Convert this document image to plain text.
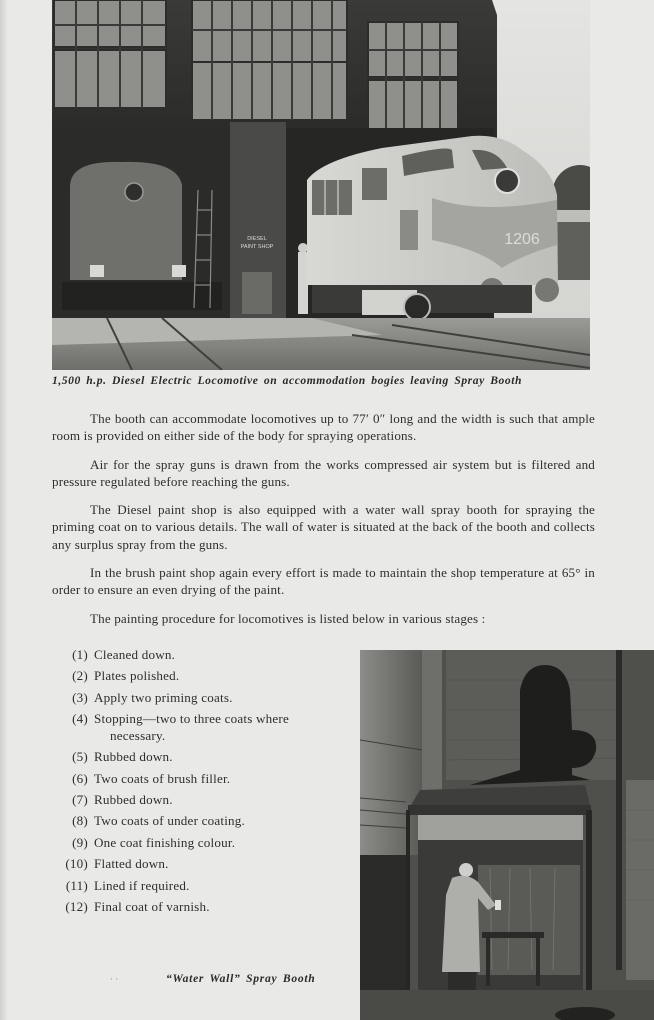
DIESEL
PAINT SHOP	1206
1,500 h.p. Diesel Electric Locomotive on accommodation bogies leaving Spray Booth

The booth can accommodate locomotives up to 77′ 0″ long and the width is such that ample room is provided on either side of the body for spraying operations.

Air for the spray guns is drawn from the works compressed air system but is filtered and pressure regulated before reaching the guns.

The Diesel paint shop is also equipped with a water wall spray booth for spraying the priming coat on to various details. The wall of water is situated at the back of the booth and collects any surplus spray from the guns.

In the brush paint shop again every effort is made to maintain the shop temperature at 65° in order to ensure an even drying of the paint.

The painting procedure for locomotives is listed below in various stages :

(1) Cleaned down.
(2) Plates polished.
(3) Apply two priming coats.
(4) Stopping—two to three coats where
necessary.
(5) Rubbed down.
(6) Two coats of brush filler.
(7) Rubbed down.
(8) Two coats of under coating.
(9) One coat finishing colour.
(10) Flatted down.
(11) Lined if required.
(12) Final coat of varnish.
· ·	“Water Wall” Spray Booth
